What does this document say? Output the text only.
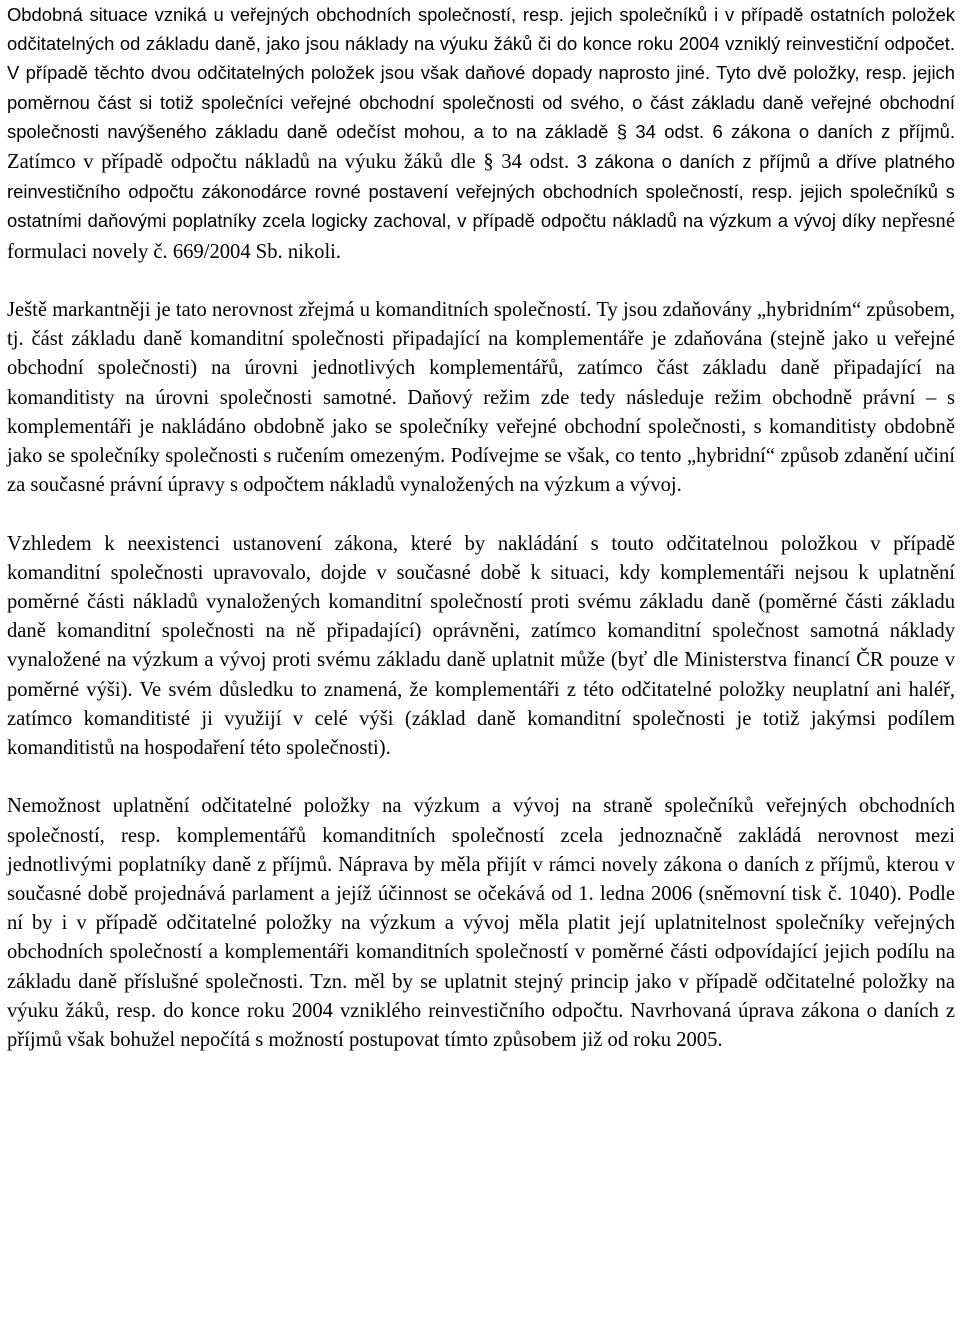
Obdobná situace vzniká u veřejných obchodních společností, resp. jejich společníků i v případě ostatních položek odčitatelných od základu daně, jako jsou náklady na výuku žáků či do konce roku 2004 vzniklý reinvestiční odpočet. V případě těchto dvou odčitatelných položek jsou však daňové dopady naprosto jiné. Tyto dvě položky, resp. jejich poměrnou část si totiž společníci veřejné obchodní společnosti od svého, o část základu daně veřejné obchodní společnosti navýšeného základu daně odečíst mohou, a to na základě § 34 odst. 6 zákona o daních z příjmů. Zatímco v případě odpočtu nákladů na výuku žáků dle § 34 odst. 3 zákona o daních z příjmů a dříve platného reinvestičního odpočtu zákonodárce rovné postavení veřejných obchodních společností, resp. jejich společníků s ostatními daňovými poplatníky zcela logicky zachoval, v případě odpočtu nákladů na výzkum a vývoj díky nepřesné formulaci novely č. 669/2004 Sb. nikoli.

Ještě markantněji je tato nerovnost zřejmá u komanditních společností. Ty jsou zdaňovány „hybridním“ způsobem, tj. část základu daně komanditní společnosti připadající na komplementáře je zdaňována (stejně jako u veřejné obchodní společnosti) na úrovni jednotlivých komplementářů, zatímco část základu daně připadající na komanditisty na úrovni společnosti samotné. Daňový režim zde tedy následuje režim obchodně právní – s komplementáři je nakládáno obdobně jako se společníky veřejné obchodní společnosti, s komanditisty obdobně jako se společníky společnosti s ručením omezeným. Podívejme se však, co tento „hybridní“ způsob zdanění učiní za současné právní úpravy s odpočtem nákladů vynaložených na výzkum a vývoj.

Vzhledem k neexistenci ustanovení zákona, které by nakládání s touto odčitatelnou položkou v případě komanditní společnosti upravovalo, dojde v současné době k situaci, kdy komplementáři nejsou k uplatnění poměrné části nákladů vynaložených komanditní společností proti svému základu daně (poměrné části základu daně komanditní společnosti na ně připadající) oprávněni, zatímco komanditní společnost samotná náklady vynaložené na výzkum a vývoj proti svému základu daně uplatnit může (byť dle Ministerstva financí ČR pouze v poměrné výši). Ve svém důsledku to znamená, že komplementáři z této odčitatelné položky neuplatní ani haléř, zatímco komanditisté ji využijí v celé výši (základ daně komanditní společnosti je totiž jakýmsi podílem komanditistů na hospodaření této společnosti).

Nemožnost uplatnění odčitatelné položky na výzkum a vývoj na straně společníků veřejných obchodních společností, resp. komplementářů komanditních společností zcela jednoznačně zakládá nerovnost mezi jednotlivými poplatníky daně z příjmů. Náprava by měla přijít v rámci novely zákona o daních z příjmů, kterou v současné době projednává parlament a jejíž účinnost se očekává od 1. ledna 2006 (sněmovní tisk č. 1040). Podle ní by i v případě odčitatelné položky na výzkum a vývoj měla platit její uplatnitelnost společníky veřejných obchodních společností a komplementáři komanditních společností v poměrné části odpovídající jejich podílu na základu daně příslušné společnosti. Tzn. měl by se uplatnit stejný princip jako v případě odčitatelné položky na výuku žáků, resp. do konce roku 2004 vzniklého reinvestičního odpočtu. Navrhovaná úprava zákona o daních z příjmů však bohužel nepočítá s možností postupovat tímto způsobem již od roku 2005.
